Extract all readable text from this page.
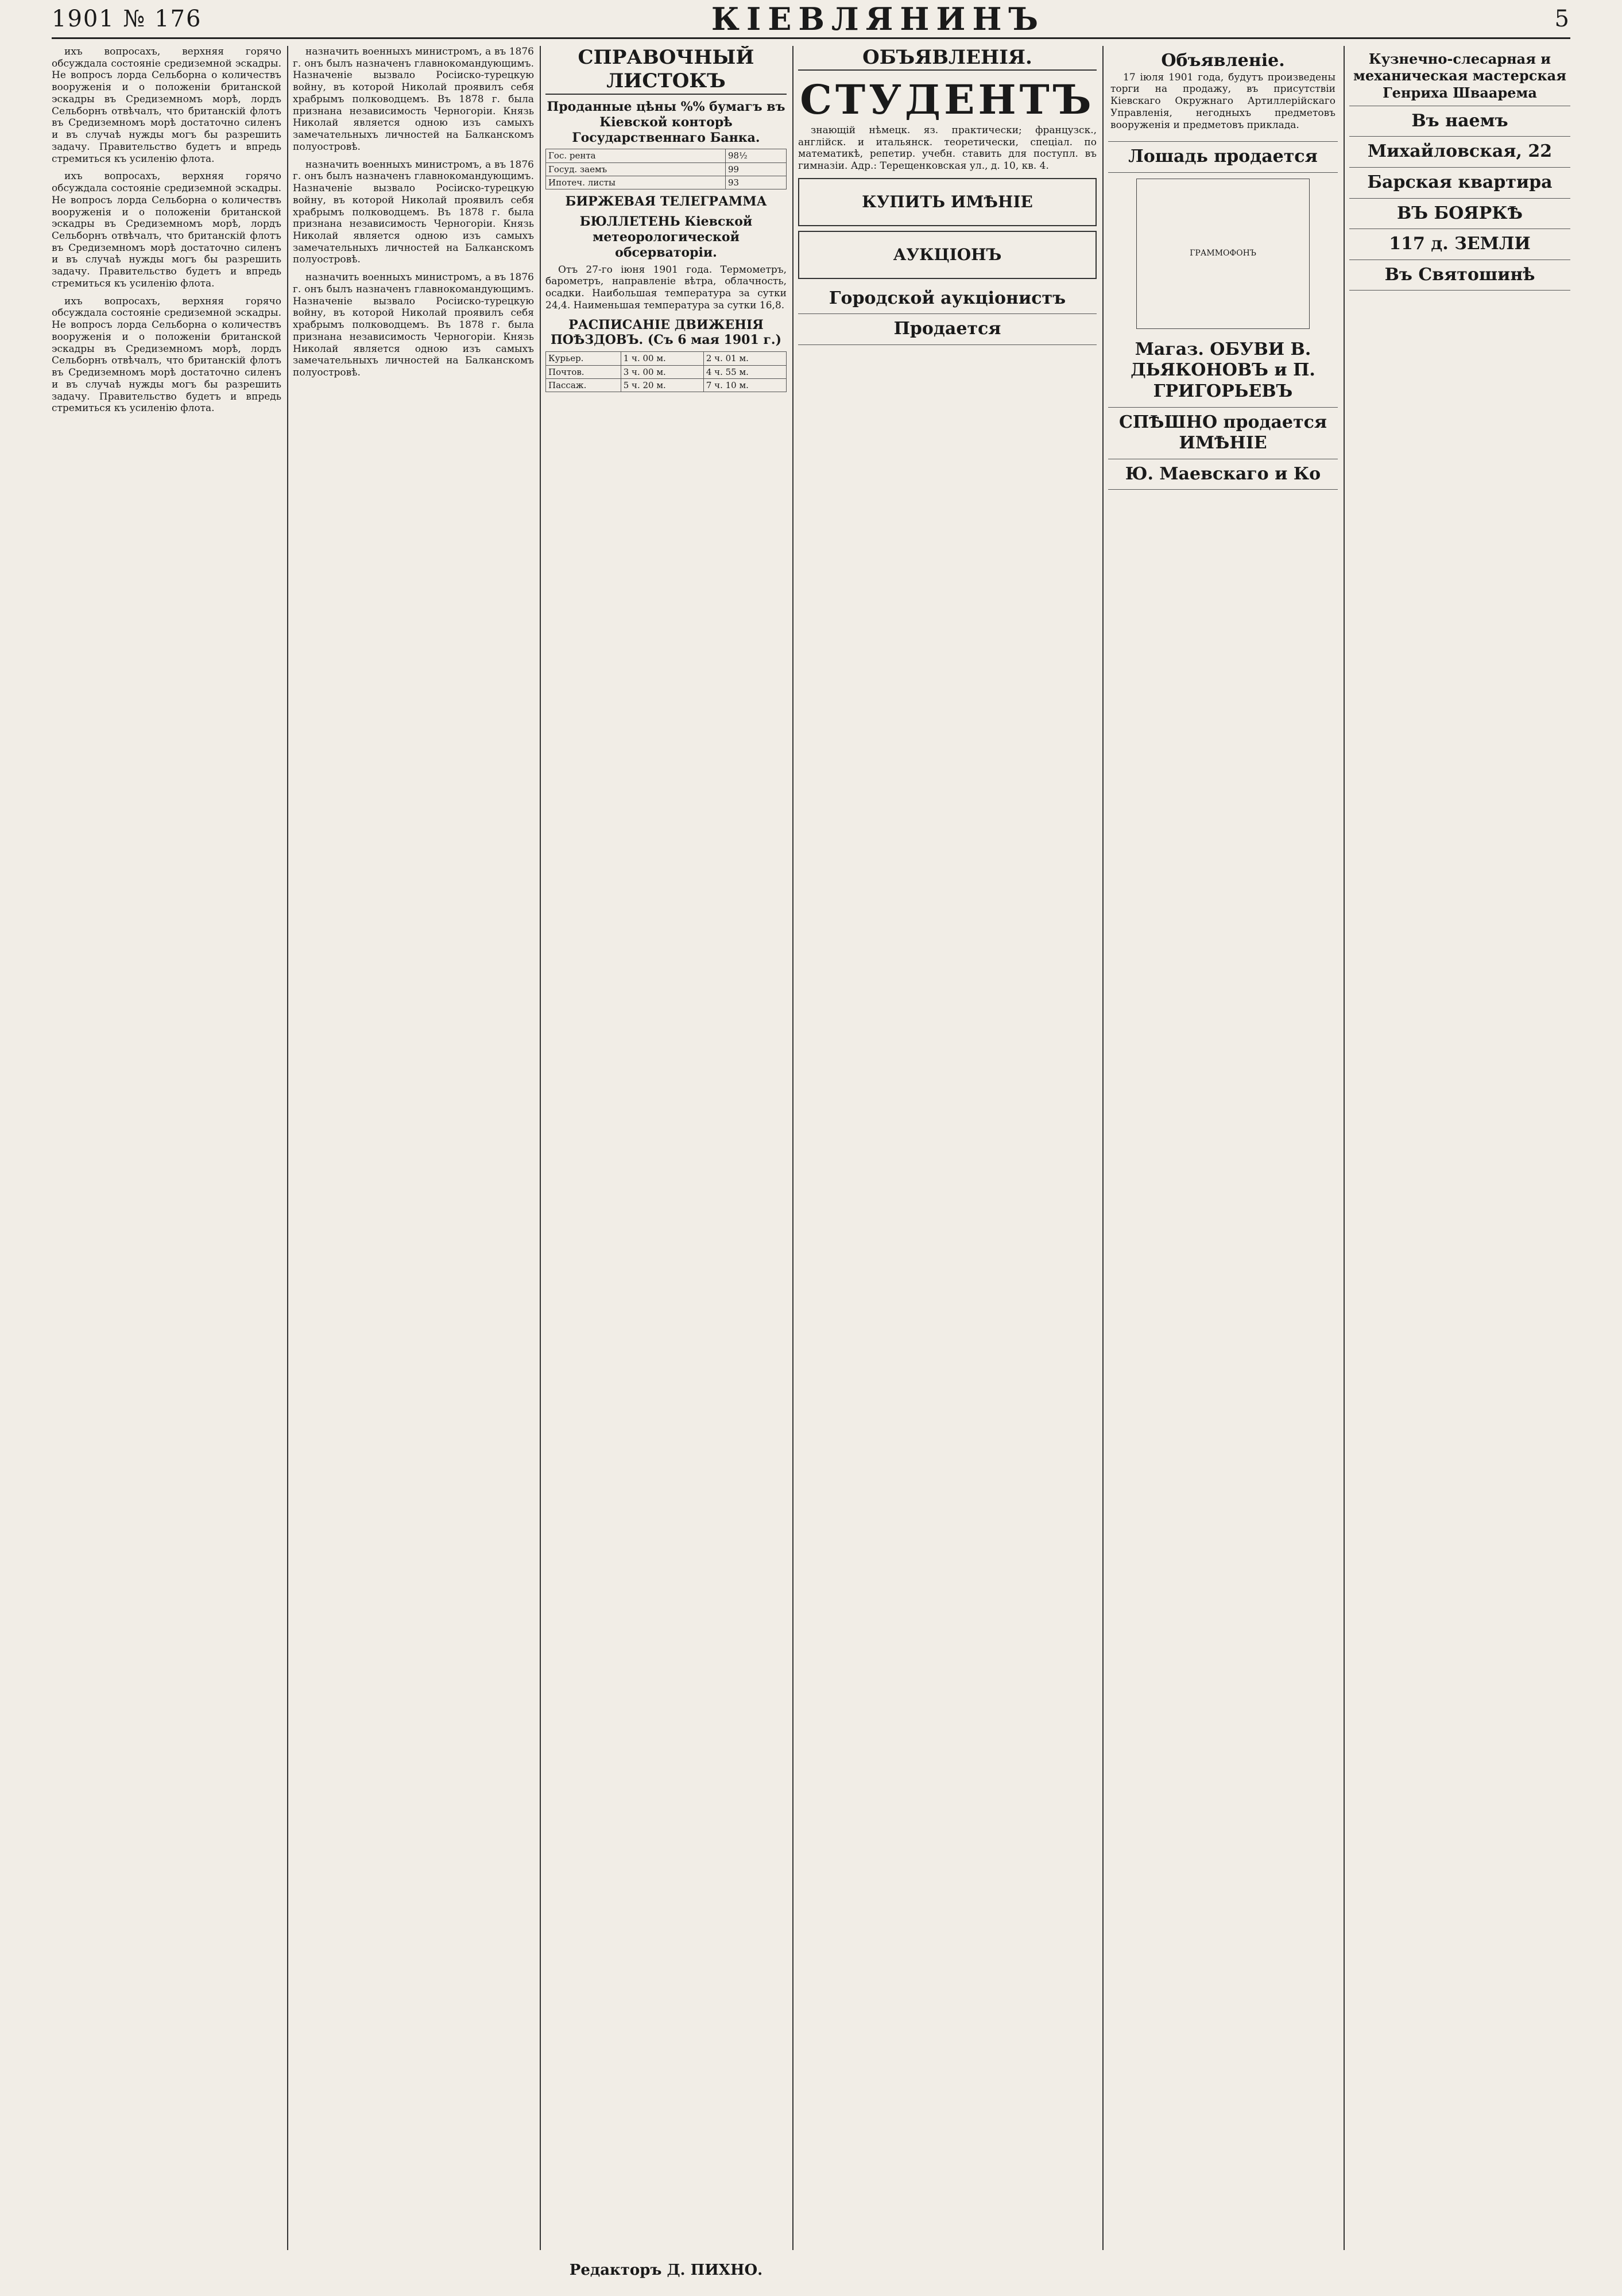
1901 № 176	КІЕВЛЯНИНЪ	5

ихъ вопросахъ, верхняя горячо обсуждала состояніе средиземной эскадры. Не вопросъ лорда Сельборна о количествъ вооруженія и о положеніи британской эскадры въ Средиземномъ морѣ, лордъ Сельборнъ отвѣчалъ, что британскій флотъ въ Средиземномъ морѣ достаточно силенъ и въ случаѣ нужды могъ бы разрешить задачу. Правительство будетъ и впредь стремиться къ усиленію флота.

ихъ вопросахъ, верхняя горячо обсуждала состояніе средиземной эскадры. Не вопросъ лорда Сельборна о количествъ вооруженія и о положеніи британской эскадры въ Средиземномъ морѣ, лордъ Сельборнъ отвѣчалъ, что британскій флотъ въ Средиземномъ морѣ достаточно силенъ и въ случаѣ нужды могъ бы разрешить задачу. Правительство будетъ и впредь стремиться къ усиленію флота.

ихъ вопросахъ, верхняя горячо обсуждала состояніе средиземной эскадры. Не вопросъ лорда Сельборна о количествъ вооруженія и о положеніи британской эскадры въ Средиземномъ морѣ, лордъ Сельборнъ отвѣчалъ, что британскій флотъ въ Средиземномъ морѣ достаточно силенъ и въ случаѣ нужды могъ бы разрешить задачу. Правительство будетъ и впредь стремиться къ усиленію флота.

назначить военныхъ министромъ, а въ 1876 г. онъ былъ назначенъ главнокомандующимъ. Назначеніе вызвало Росіиско-турецкую войну, въ которой Николай проявилъ себя храбрымъ полководцемъ. Въ 1878 г. была признана независимость Черногоріи. Князь Николай является одною изъ самыхъ замечательныхъ личностей на Балканскомъ полуостровѣ.

назначить военныхъ министромъ, а въ 1876 г. онъ былъ назначенъ главнокомандующимъ. Назначеніе вызвало Росіиско-турецкую войну, въ которой Николай проявилъ себя храбрымъ полководцемъ. Въ 1878 г. была признана независимость Черногоріи. Князь Николай является одною изъ самыхъ замечательныхъ личностей на Балканскомъ полуостровѣ.

назначить военныхъ министромъ, а въ 1876 г. онъ былъ назначенъ главнокомандующимъ. Назначеніе вызвало Росіиско-турецкую войну, въ которой Николай проявилъ себя храбрымъ полководцемъ. Въ 1878 г. была признана независимость Черногоріи. Князь Николай является одною изъ самыхъ замечательныхъ личностей на Балканскомъ полуостровѣ.

СПРАВОЧНЫЙ ЛИСТОКЪ
Проданные цѣны %% бумагъ въ Кіевской конторѣ Государственнаго Банка.
Гос. рента	98½
Госуд. заемъ	99
Ипотеч. листы	93
БИРЖЕВАЯ ТЕЛЕГРАММА
БЮЛЛЕТЕНЬ Кіевской метеорологической обсерваторіи.

Отъ 27-го іюня 1901 года. Термометръ, барометръ, направленіе вѣтра, облачность, осадки. Наибольшая температура за сутки 24,4. Наименьшая температура за сутки 16,8.

РАСПИСАНІЕ ДВИЖЕНІЯ ПОѢЗДОВЪ. (Съ 6 мая 1901 г.)
Курьер.	1 ч. 00 м.	2 ч. 01 м.
Почтов.	3 ч. 00 м.	4 ч. 55 м.
Пассаж.	5 ч. 20 м.	7 ч. 10 м.
ОБЪЯВЛЕНІЯ.
СТУДЕНТЪ

знающій нѣмецк. яз. практически; французск., англійск. и итальянск. теоретически, спеціал. по математикѣ, репетир. учебн. ставить для поступл. въ гимназіи. Адр.: Терещенковская ул., д. 10, кв. 4.

КУПИТЬ ИМѢНІЕ
АУКЦІОНЪ
Городской аукціонистъ
Продается
Объявленіе.

17 іюля 1901 года, будутъ произведены торги на продажу, въ присутствіи Кіевскаго Окружнаго Артиллерійскаго Управленія, негодныхъ предметовъ вооруженія и предметовъ приклада.

Лошадь продается
ГРАММОФОНЪ
Магаз. ОБУВИ В. ДЬЯКОНОВЪ и П. ГРИГОРЬЕВЪ
СПѢШНО продается ИМѢНІЕ
Ю. Маевскаго и Ко
Кузнечно-слесарная и механическая мастерская Генриха Шваарема
Въ наемъ
Михайловская, 22
Барская квартира
ВЪ БОЯРКѢ
117 д. ЗЕМЛИ
Въ Святошинѣ
Редакторъ Д. ПИХНО.
